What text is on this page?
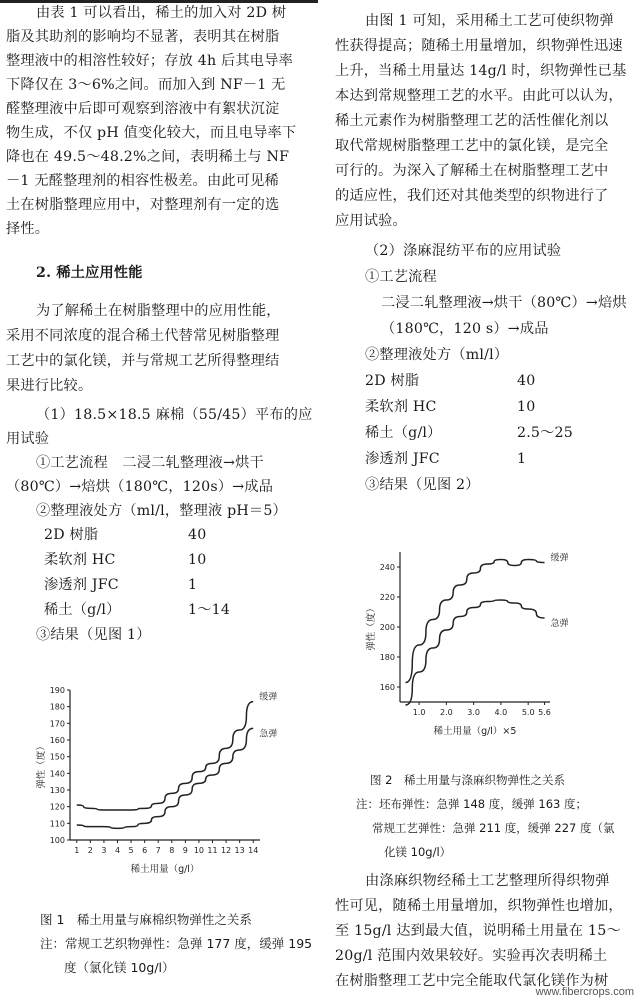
由表 1 可以看出，稀土的加入对 2D 树
脂及其助剂的影响均不显著，表明其在树脂
整理液中的相溶性较好；存放 4h 后其电导率
下降仅在 3～6%之间。而加入到 NF－1 无
醛整理液中后即可观察到溶液中有絮状沉淀
物生成，不仅 pH 值变化较大，而且电导率下
降也在 49.5～48.2%之间，表明稀土与 NF
－1 无醛整理剂的相容性极差。由此可见稀
土在树脂整理应用中，对整理剂有一定的选
择性。
2. 稀土应用性能
为了解稀土在树脂整理中的应用性能，
采用不同浓度的混合稀土代替常见树脂整理
工艺中的氯化镁，并与常规工艺所得整理结
果进行比较。
（1）18.5×18.5 麻棉（55/45）平布的应
用试验
①工艺流程　二浸二轧整理液→烘干
（80℃）→焙烘（180℃，120s）→成品
②整理液处方（ml/l，整理液 pH＝5）
2D 树脂	40
柔软剂 HC	10
渗透剂 JFC	1
稀土（g/l）	1～14
③结果（见图 1）
100
110
120
130
140
150
160
170
180
190
1 2 3 4 5 6 7 8 9 10 11 12 13 14
稀土用量（g/l）
弹性（度）
缓弹
急弹
图 1　稀土用量与麻棉织物弹性之关系
注：常规工艺织物弹性：急弹 177 度，缓弹 195
度（氯化镁 10g/l）
由图 1 可知，采用稀土工艺可使织物弹
性获得提高；随稀土用量增加，织物弹性迅速
上升，当稀土用量达 14g/l 时，织物弹性已基
本达到常规整理工艺的水平。由此可以认为，
稀土元素作为树脂整理工艺的活性催化剂以
取代常规树脂整理工艺中的氯化镁，是完全
可行的。为深入了解稀土在树脂整理工艺中
的适应性，我们还对其他类型的织物进行了
应用试验。
（2）涤麻混纺平布的应用试验
①工艺流程
二浸二轧整理液→烘干（80℃）→焙烘
（180℃，120 s）→成品
②整理液处方（ml/l）
2D 树脂	40
柔软剂 HC	10
稀土（g/l）	2.5～25
渗透剂 JFC	1
③结果（见图 2）
160
180
200
220
240
1.0 2.0 3.0 4.0 5.0 5.6
稀土用量（g/l）×5
弹性（度）
缓弹
急弹
图 2　稀土用量与涤麻织物弹性之关系
注：坯布弹性：急弹 148 度，缓弹 163 度；
常规工艺弹性：急弹 211 度，缓弹 227 度（氯
化镁 10g/l）
由涤麻织物经稀土工艺整理所得织物弹
性可见，随稀土用量增加，织物弹性也增加，
至 15g/l 达到最大值，说明稀土用量在 15～
20g/l 范围内效果较好。实验再次表明稀土
在树脂整理工艺中完全能取代氯化镁作为树
www.fibercrops.com
